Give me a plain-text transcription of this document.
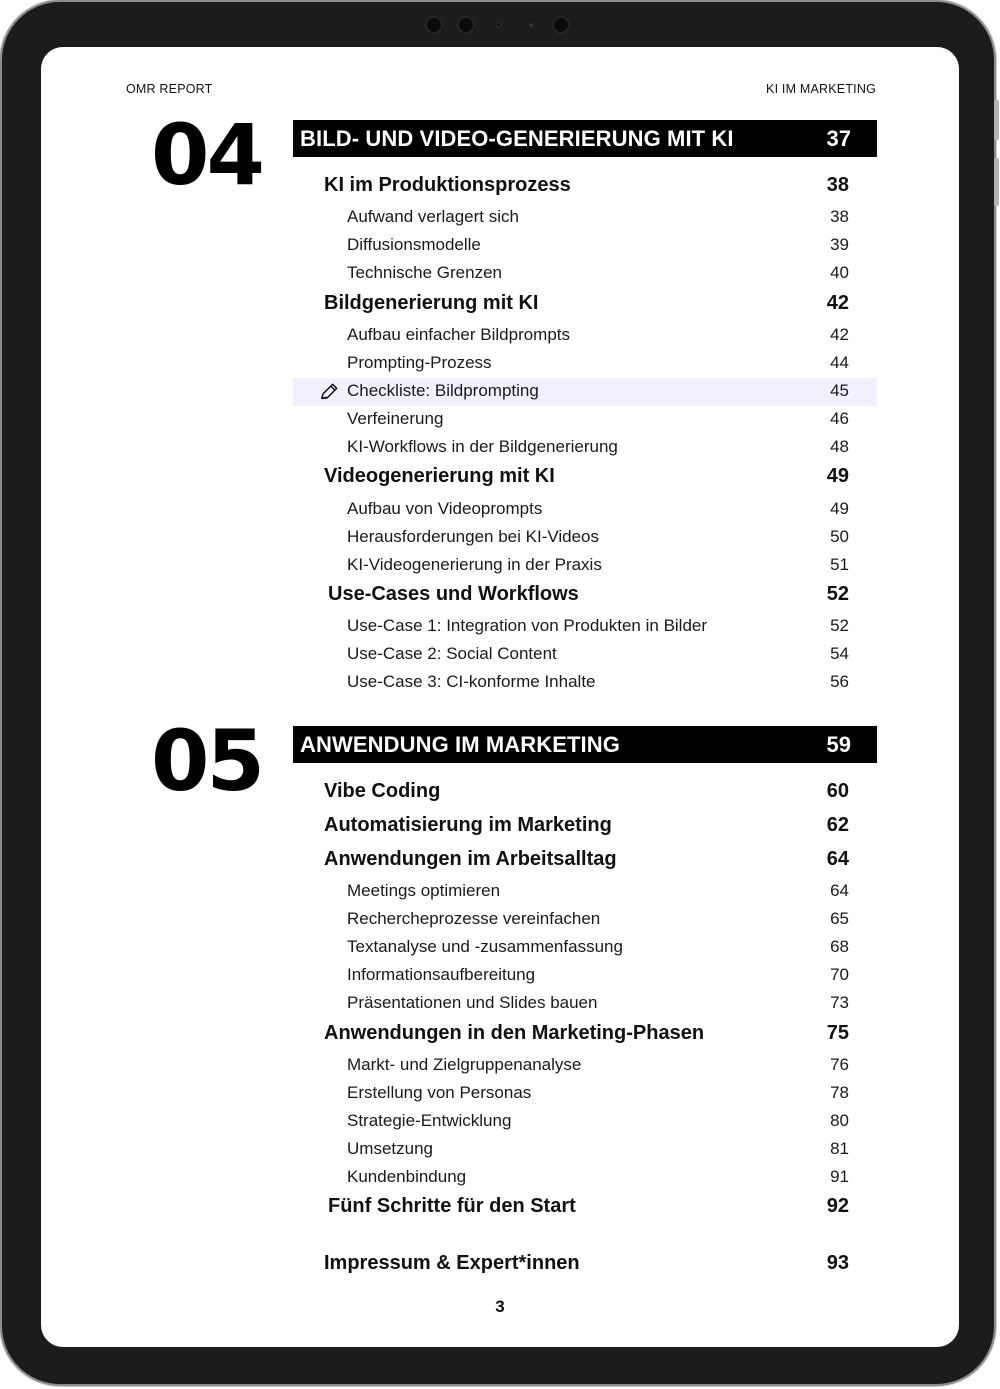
OMR REPORT	KI IM MARKETING
04 BILD- UND VIDEO-GENERIERUNG MIT KI	37
KI im Produktionsprozess	38
Aufwand verlagert sich	38
Diffusionsmodelle	39
Technische Grenzen	40
Bildgenerierung mit KI	42
Aufbau einfacher Bildprompts	42
Prompting-Prozess	44
Checkliste: Bildprompting	45
Verfeinerung	46
KI-Workflows in der Bildgenerierung	48
Videogenerierung mit KI	49
Aufbau von Videoprompts	49
Herausforderungen bei KI-Videos	50
KI-Videogenerierung in der Praxis	51
Use-Cases und Workflows	52
Use-Case 1: Integration von Produkten in Bilder	52
Use-Case 2: Social Content	54
Use-Case 3: CI-konforme Inhalte	56
05 ANWENDUNG IM MARKETING	59
Vibe Coding	60
Automatisierung im Marketing	62
Anwendungen im Arbeitsalltag	64
Meetings optimieren	64
Rechercheprozesse vereinfachen	65
Textanalyse und -zusammenfassung	68
Informationsaufbereitung	70
Präsentationen und Slides bauen	73
Anwendungen in den Marketing-Phasen	75
Markt- und Zielgruppenanalyse	76
Erstellung von Personas	78
Strategie-Entwicklung	80
Umsetzung	81
Kundenbindung	91
Fünf Schritte für den Start	92
Impressum & Expert*innen	93
3
